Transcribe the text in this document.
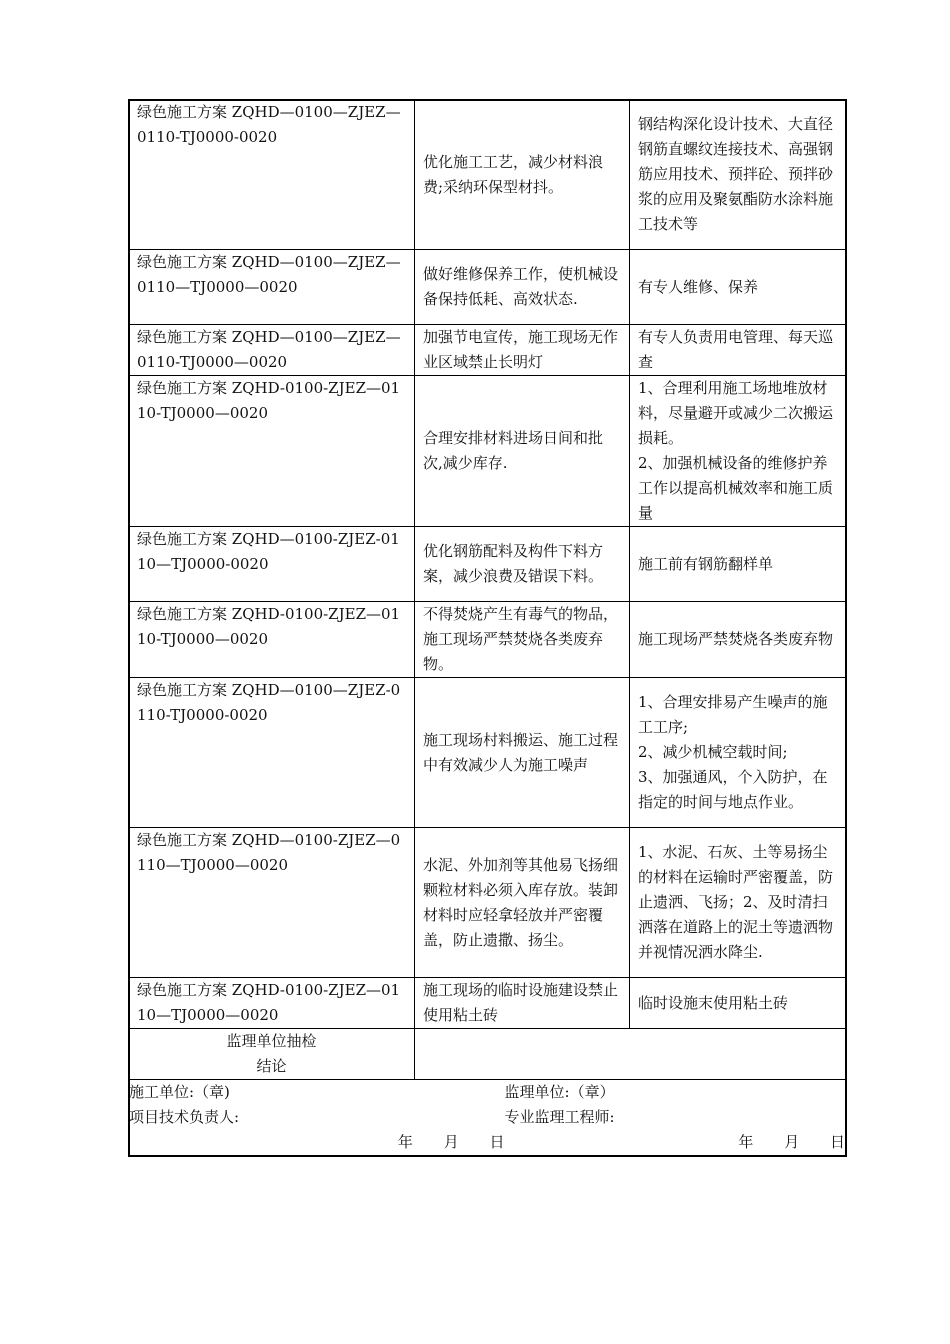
绿色施工方案 ZQHD—0100—ZJEZ—0110-TJ0000-0020	优化施工工艺，减少材料浪费;采纳环保型材抖。	钢结构深化设计技术、大直径钢筋直螺纹连接技术、高强钢筋应用技术、预拌砼、预拌砂浆的应用及聚氨酯防水涂料施工技术等
绿色施工方案 ZQHD—0100—ZJEZ—0110—TJ0000—0020	做好维修保养工作，使机械设备保持低耗、高效状态.	有专人维修、保养
绿色施工方案 ZQHD—0100—ZJEZ—0110-TJ0000—0020	加强节电宣传，施工现场无作业区域禁止长明灯	有专人负责用电管理、每天巡查
绿色施工方案 ZQHD-0100-ZJEZ—0110-TJ0000—0020	合理安排材料进场日间和批次,减少库存.	1、合理利用施工场地堆放材料，尽量避开或减少二次搬运损耗。
2、加强机械设备的维修护养工作以提高机械效率和施工质量
绿色施工方案 ZQHD—0100-ZJEZ-0110—TJ0000-0020	优化钢筋配料及构件下料方案，减少浪费及错误下料。	施工前有钢筋翻样单
绿色施工方案 ZQHD-0100-ZJEZ—0110-TJ0000—0020	不得焚烧产生有毒气的物品，施工现场严禁焚烧各类废弃物。	施工现场严禁焚烧各类废弃物
绿色施工方案 ZQHD—0100—ZJEZ-0110-TJ0000-0020	施工现场村料搬运、施工过程中有效减少人为施工噪声	1、合理安排易产生噪声的施工工序;
2、减少机械空载时间;
3、加强通风，个入防护，在指定的时间与地点作业。
绿色施工方案 ZQHD—0100-ZJEZ—0110—TJ0000—0020	水泥、外加剂等其他易飞扬细颗粒材料必须入库存放。装卸材料时应轻拿轻放并严密覆盖，防止遗撒、扬尘。	1、水泥、石灰、土等易扬尘的材料在运输时严密覆盖，防止遗洒、飞扬；2、及时清扫洒落在道路上的泥土等遗洒物并视情况洒水降尘.
绿色施工方案 ZQHD-0100-ZJEZ—0110—TJ0000—0020	施工现场的临时设施建设禁止使用粘土砖	临时设施末使用粘土砖

监理单位抽检
结论

施工单位:（章)
项目技术负责人:
年 月 日

监理单位:（章）
专业监理工程师:
年 月 日
